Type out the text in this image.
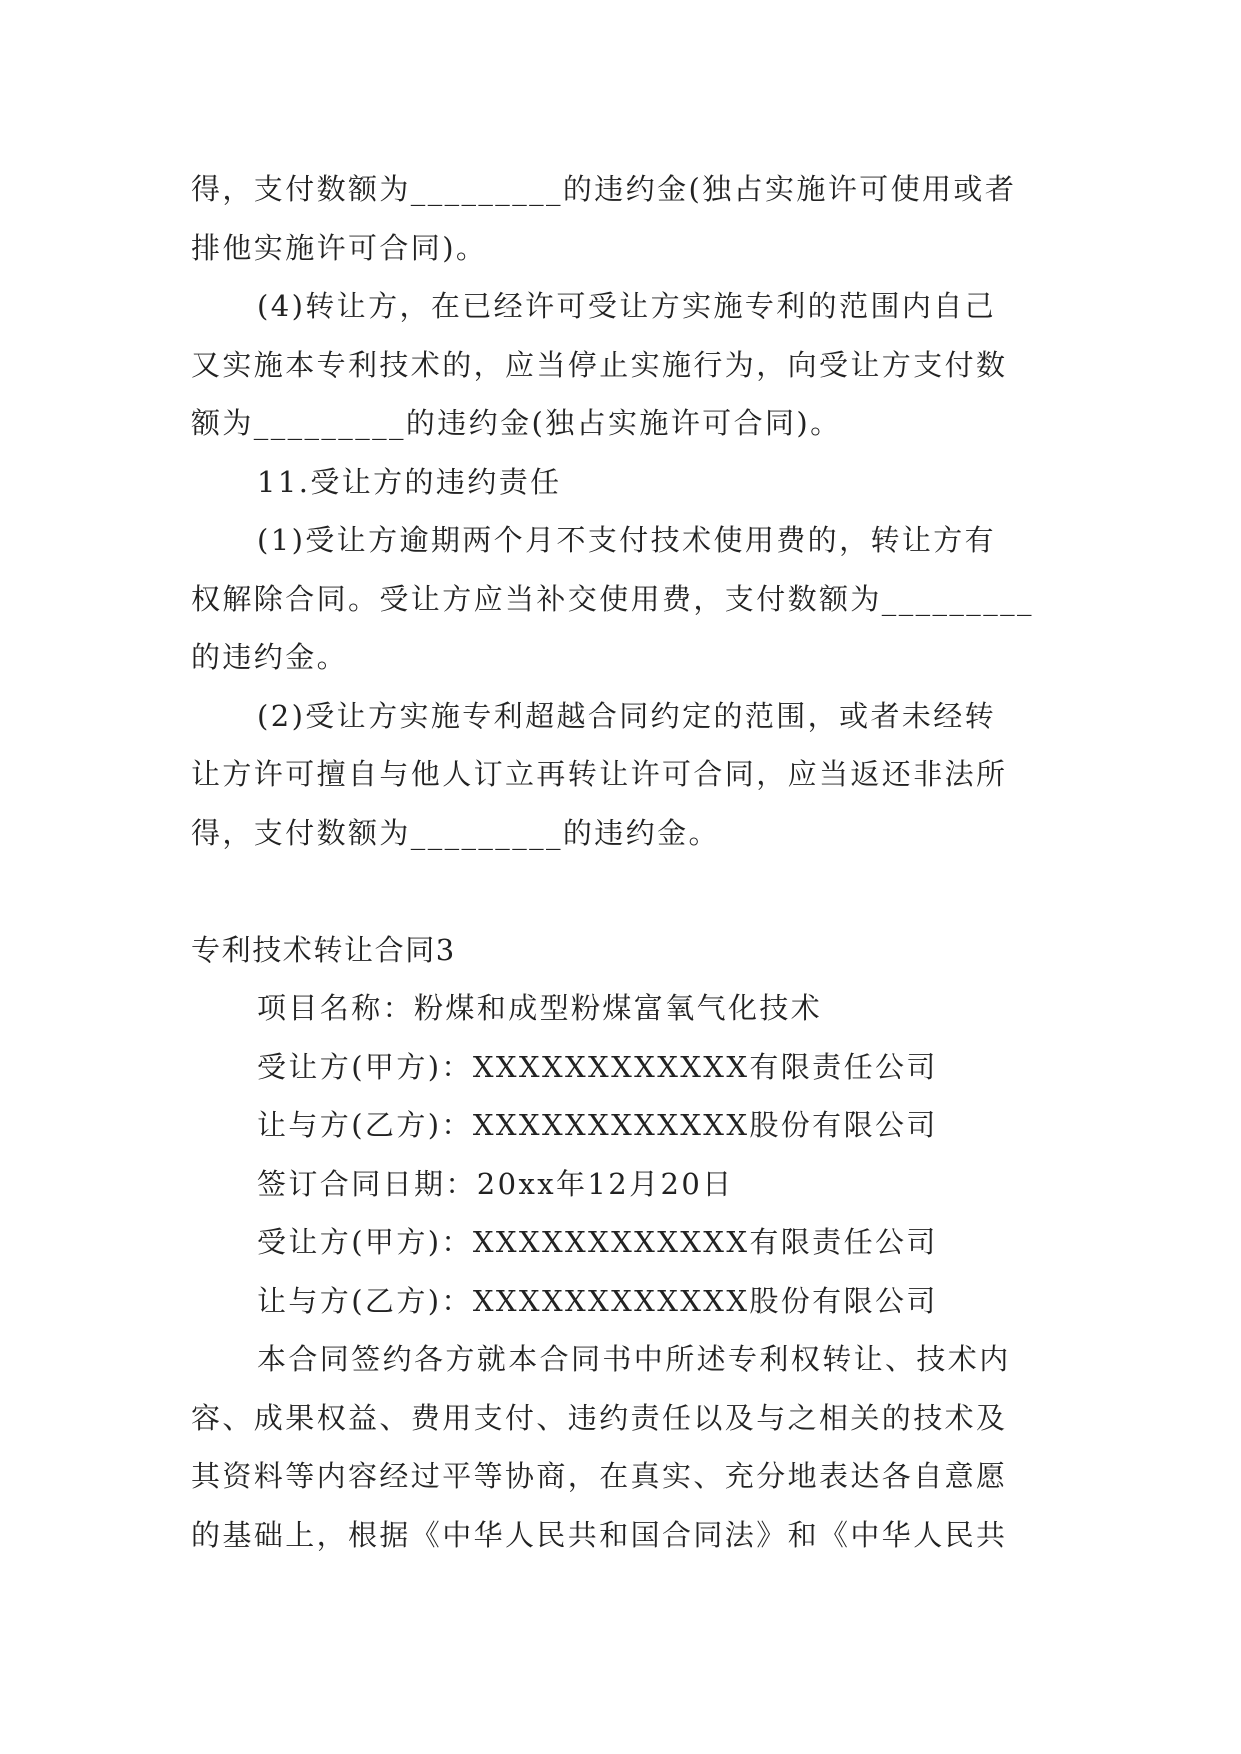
得，支付数额为_________的违约金(独占实施许可使用或者
排他实施许可合同)。
(4)转让方，在已经许可受让方实施专利的范围内自己
又实施本专利技术的，应当停止实施行为，向受让方支付数
额为_________的违约金(独占实施许可合同)。
11.受让方的违约责任
(1)受让方逾期两个月不支付技术使用费的，转让方有
权解除合同。受让方应当补交使用费，支付数额为_________
的违约金。
(2)受让方实施专利超越合同约定的范围，或者未经转
让方许可擅自与他人订立再转让许可合同，应当返还非法所
得，支付数额为_________的违约金。
专利技术转让合同3
项目名称：粉煤和成型粉煤富氧气化技术
受让方(甲方)：XXXXXXXXXXXX有限责任公司
让与方(乙方)：XXXXXXXXXXXX股份有限公司
签订合同日期：20xx年12月20日
受让方(甲方)：XXXXXXXXXXXX有限责任公司
让与方(乙方)：XXXXXXXXXXXX股份有限公司
本合同签约各方就本合同书中所述专利权转让、技术内
容、成果权益、费用支付、违约责任以及与之相关的技术及
其资料等内容经过平等协商，在真实、充分地表达各自意愿
的基础上，根据《中华人民共和国合同法》和《中华人民共
